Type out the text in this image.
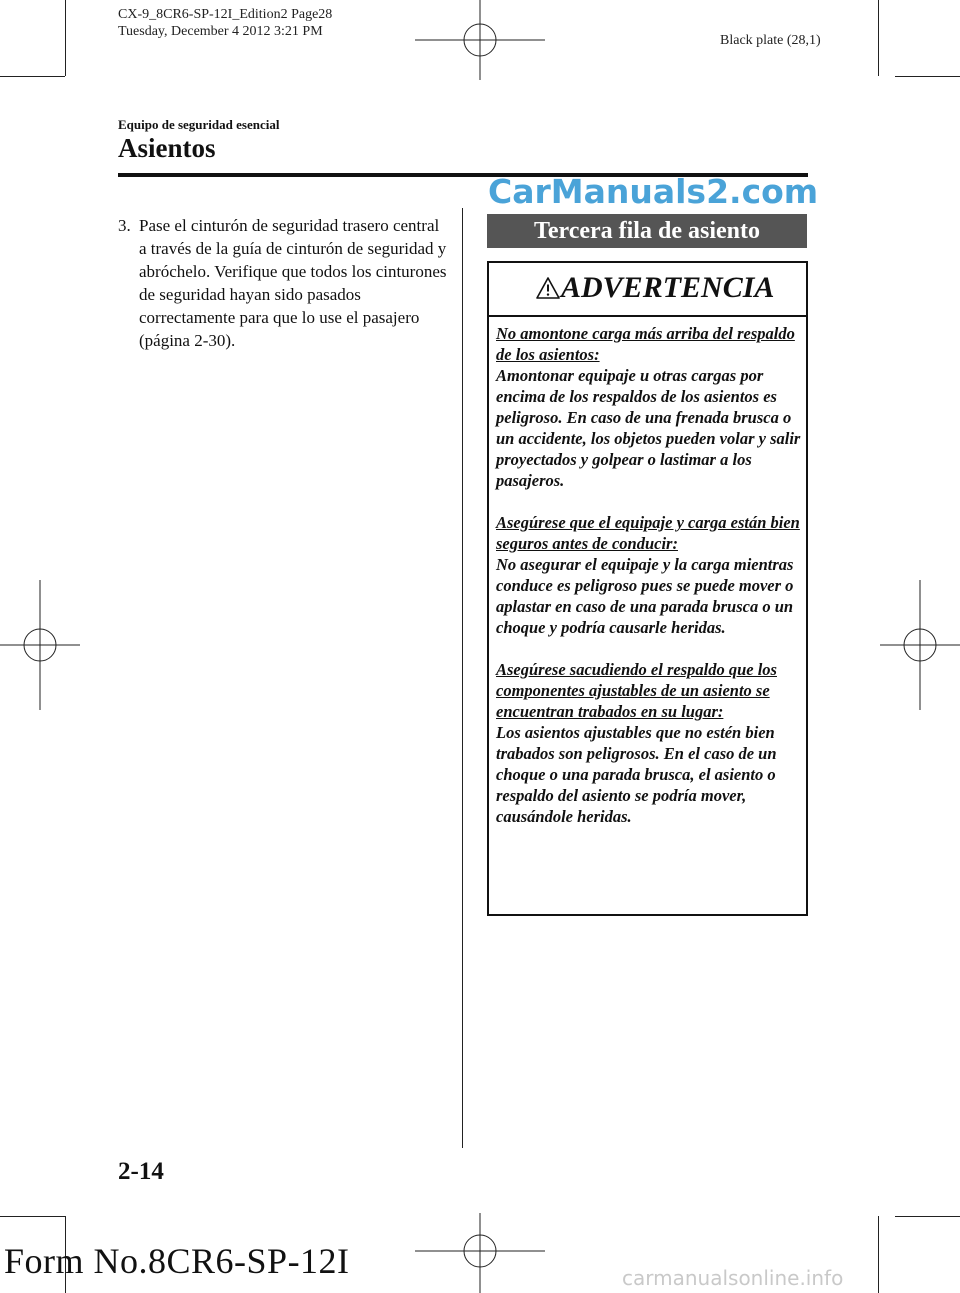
CX-9_8CR6-SP-12I_Edition2 Page28
Tuesday, December 4 2012 3:21 PM
Black plate (28,1)
Equipo de seguridad esencial
Asientos
CarManuals2.com
3. Pase el cinturón de seguridad trasero central a través de la guía de cinturón de seguridad y abróchelo. Verifique que todos los cinturones de seguridad hayan sido pasados correctamente para que lo use el pasajero (página 2-30).
Tercera fila de asiento
ADVERTENCIA

No amontone carga más arriba del respaldo de los asientos:

Amontonar equipaje u otras cargas por encima de los respaldos de los asientos es peligroso. En caso de una frenada brusca o un accidente, los objetos pueden volar y salir proyectados y golpear o lastimar a los pasajeros.

Asegúrese que el equipaje y carga están bien seguros antes de conducir:

No asegurar el equipaje y la carga mientras conduce es peligroso pues se puede mover o aplastar en caso de una parada brusca o un choque y podría causarle heridas.

Asegúrese sacudiendo el respaldo que los componentes ajustables de un asiento se encuentran trabados en su lugar:

Los asientos ajustables que no estén bien trabados son peligrosos. En el caso de un choque o una parada brusca, el asiento o respaldo del asiento se podría mover, causándole heridas.

2-14
Form No.8CR6-SP-12I	carmanualsonline.info
